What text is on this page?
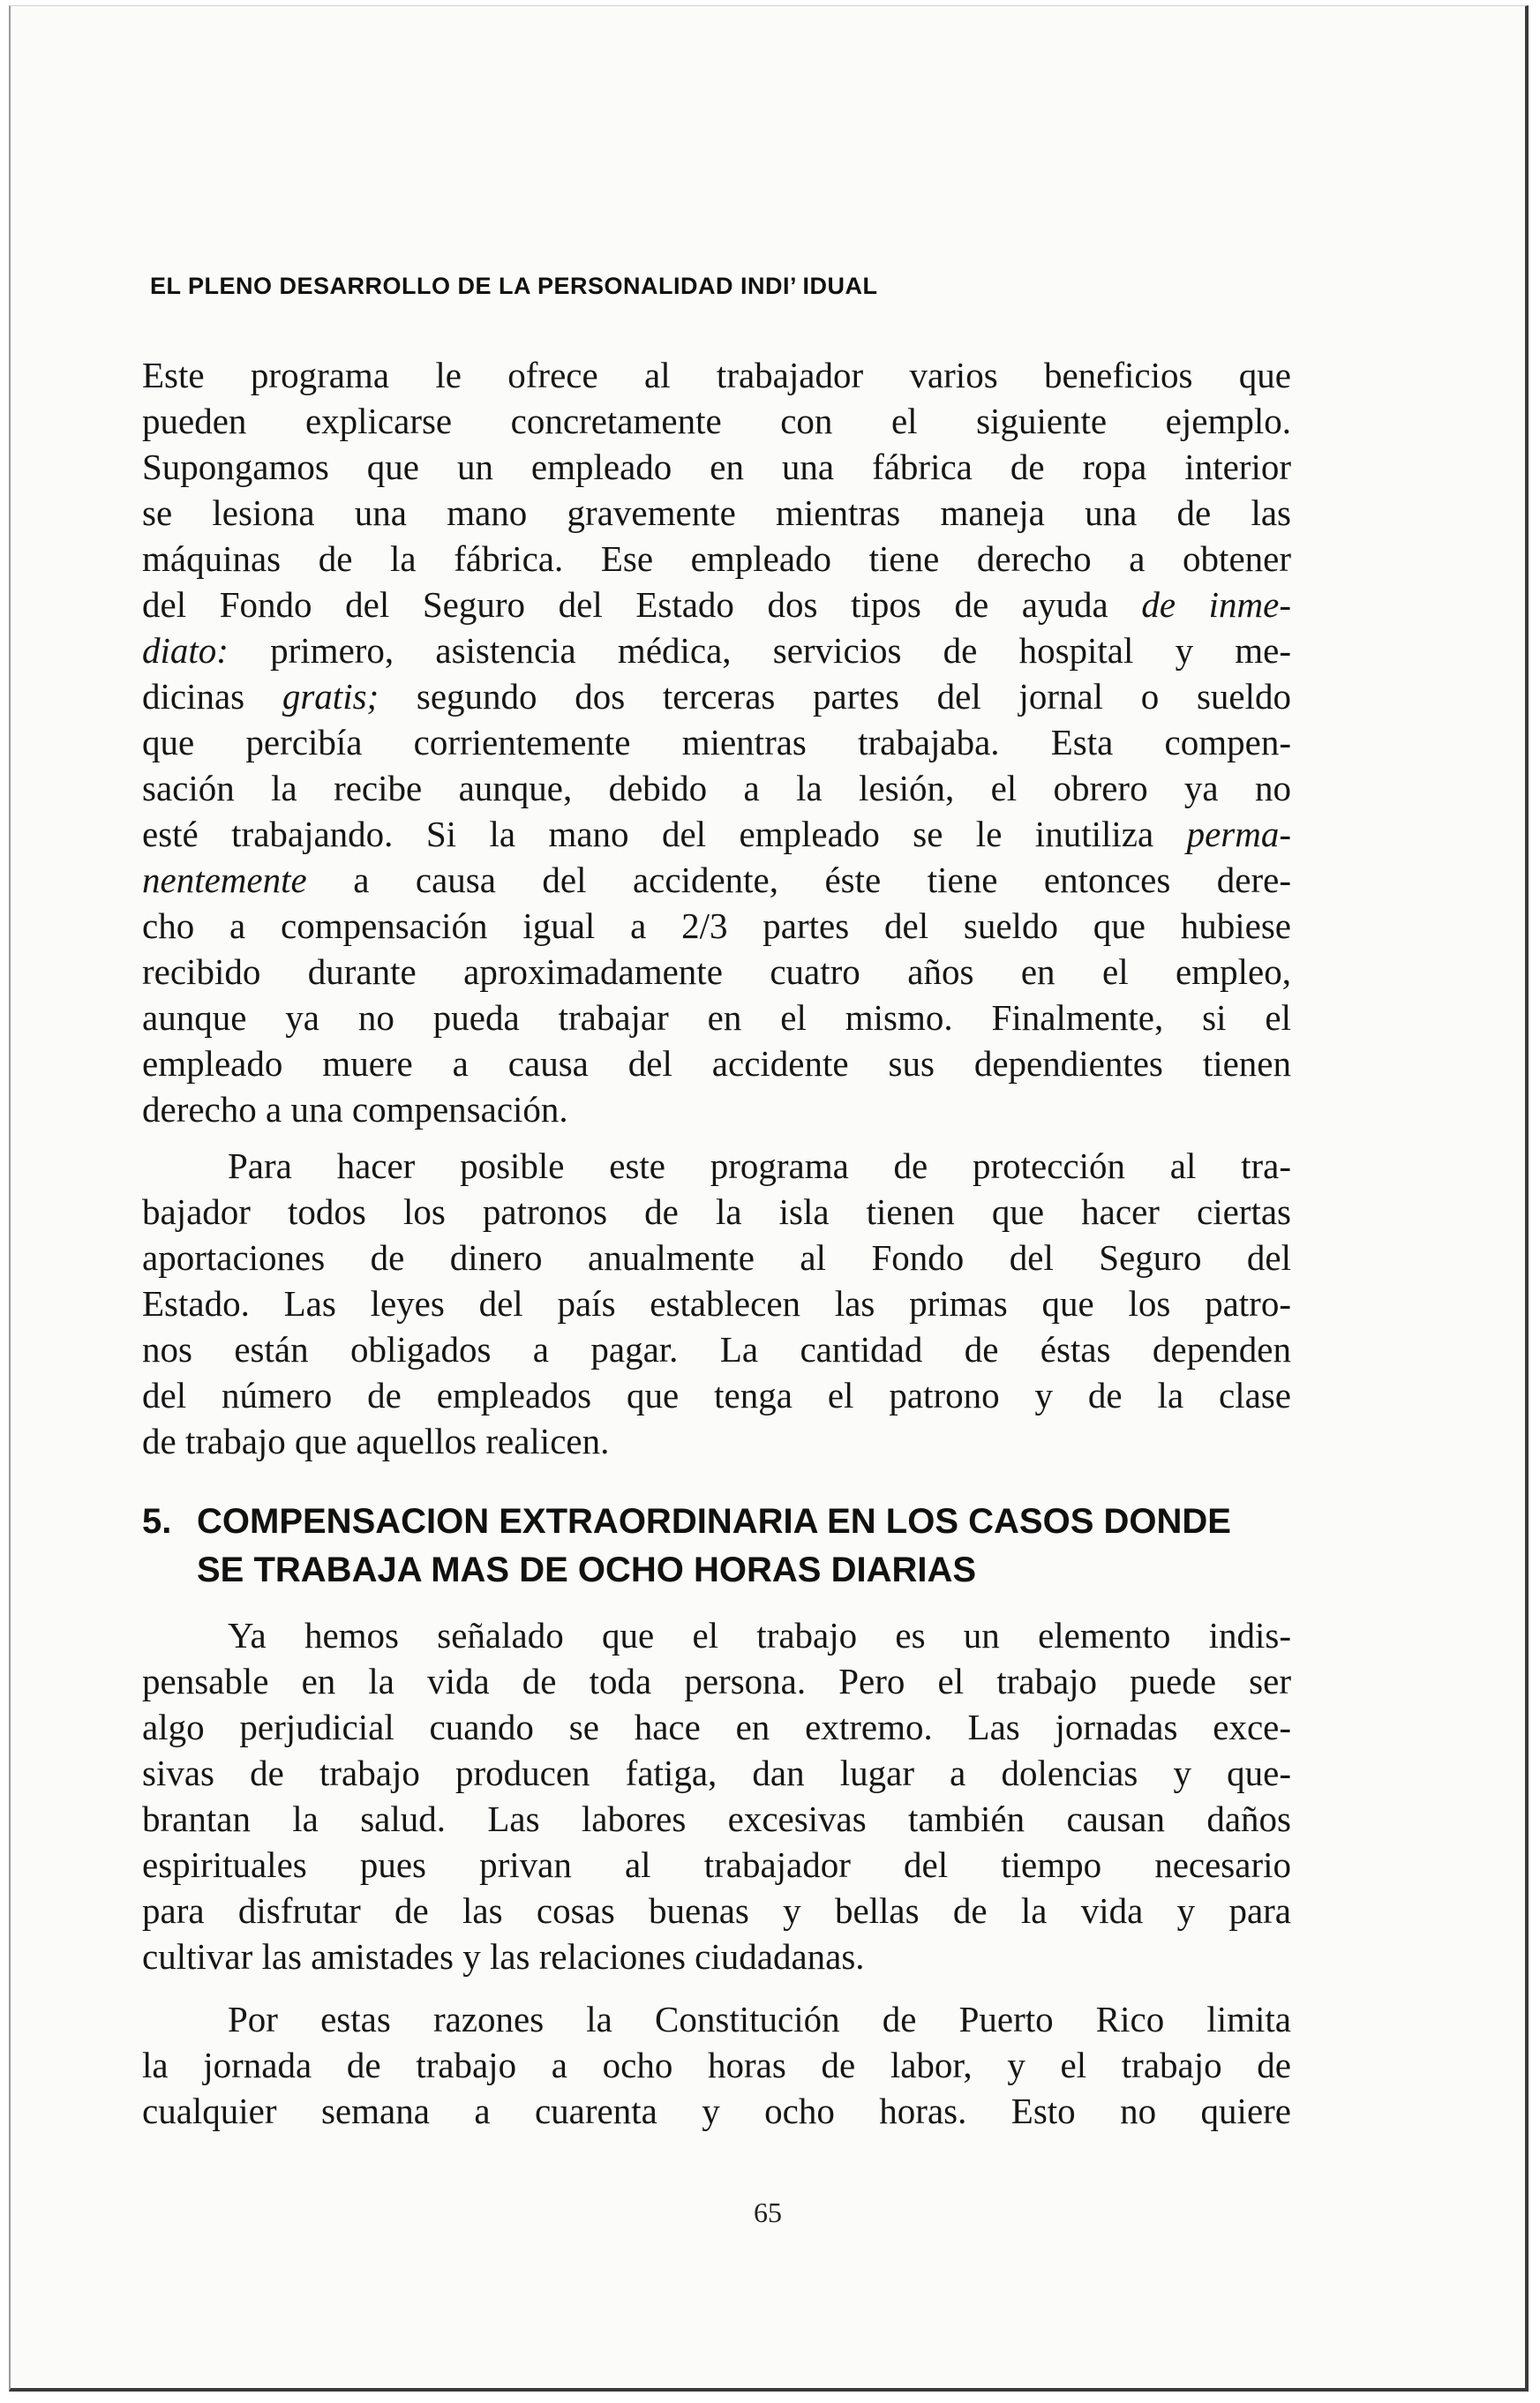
EL PLENO DESARROLLO DE LA PERSONALIDAD INDI’ IDUAL
Este programa le ofrece al trabajador varios beneficios que
pueden explicarse concretamente con el siguiente ejemplo.
Supongamos que un empleado en una fábrica de ropa interior
se lesiona una mano gravemente mientras maneja una de las
máquinas de la fábrica. Ese empleado tiene derecho a obtener
del Fondo del Seguro del Estado dos tipos de ayuda de inme-
diato: primero, asistencia médica, servicios de hospital y me-
dicinas gratis; segundo dos terceras partes del jornal o sueldo
que percibía corrientemente mientras trabajaba. Esta compen-
sación la recibe aunque, debido a la lesión, el obrero ya no
esté trabajando. Si la mano del empleado se le inutiliza perma-
nentemente a causa del accidente, éste tiene entonces dere-
cho a compensación igual a 2/3 partes del sueldo que hubiese
recibido durante aproximadamente cuatro años en el empleo,
aunque ya no pueda trabajar en el mismo. Finalmente, si el
empleado muere a causa del accidente sus dependientes tienen
derecho a una compensación.
Para hacer posible este programa de protección al tra-
bajador todos los patronos de la isla tienen que hacer ciertas
aportaciones de dinero anualmente al Fondo del Seguro del
Estado. Las leyes del país establecen las primas que los patro-
nos están obligados a pagar. La cantidad de éstas dependen
del número de empleados que tenga el patrono y de la clase
de trabajo que aquellos realicen.
5. COMPENSACION EXTRAORDINARIA EN LOS CASOS DONDE
SE TRABAJA MAS DE OCHO HORAS DIARIAS
Ya hemos señalado que el trabajo es un elemento indis-
pensable en la vida de toda persona. Pero el trabajo puede ser
algo perjudicial cuando se hace en extremo. Las jornadas exce-
sivas de trabajo producen fatiga, dan lugar a dolencias y que-
brantan la salud. Las labores excesivas también causan daños
espirituales pues privan al trabajador del tiempo necesario
para disfrutar de las cosas buenas y bellas de la vida y para
cultivar las amistades y las relaciones ciudadanas.
Por estas razones la Constitución de Puerto Rico limita
la jornada de trabajo a ocho horas de labor, y el trabajo de
cualquier semana a cuarenta y ocho horas. Esto no quiere
65
